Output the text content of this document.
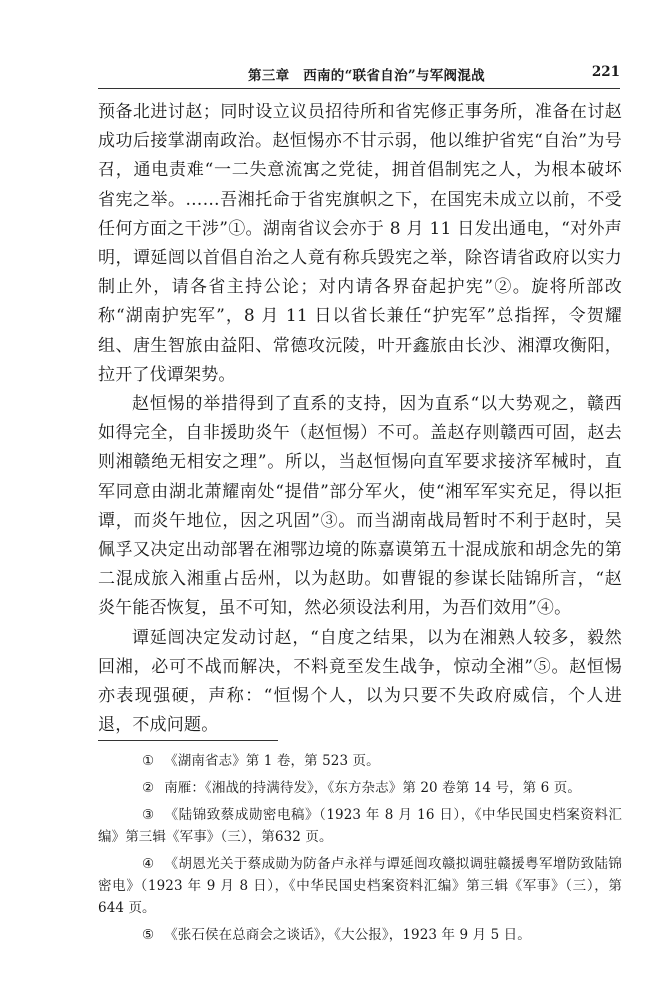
第三章　西南的“联省自治”与军阀混战	221

预备北进讨赵；同时设立议员招待所和省宪修正事务所，准备在讨赵成功后接掌湖南政治。赵恒惕亦不甘示弱，他以维护省宪“自治”为号召，通电责难“一二失意流寓之党徒，拥首倡制宪之人，为根本破坏省宪之举。……吾湘托命于省宪旗帜之下，在国宪未成立以前，不受任何方面之干涉”①。湖南省议会亦于 8 月 11 日发出通电，“对外声明，谭延闿以首倡自治之人竟有称兵毁宪之举，除咨请省政府以实力制止外，请各省主持公论；对内请各界奋起护宪”②。旋将所部改称“湖南护宪军”，8 月 11 日以省长兼任“护宪军”总指挥，令贺耀组、唐生智旅由益阳、常德攻沅陵，叶开鑫旅由长沙、湘潭攻衡阳，拉开了伐谭架势。

赵恒惕的举措得到了直系的支持，因为直系“以大势观之，赣西如得完全，自非援助炎午（赵恒惕）不可。盖赵存则赣西可固，赵去则湘赣绝无相安之理”。所以，当赵恒惕向直军要求接济军械时，直军同意由湖北萧耀南处“提借”部分军火，使“湘军军实充足，得以拒谭，而炎午地位，因之巩固”③。而当湖南战局暂时不利于赵时，吴佩孚又决定出动部署在湘鄂边境的陈嘉谟第五十混成旅和胡念先的第二混成旅入湘重占岳州，以为赵助。如曹锟的参谋长陆锦所言，“赵炎午能否恢复，虽不可知，然必须设法利用，为吾们效用”④。

谭延闿决定发动讨赵，“自度之结果，以为在湘熟人较多，毅然回湘，必可不战而解决，不料竟至发生战争，惊动全湘”⑤。赵恒惕亦表现强硬，声称：“恒惕个人，以为只要不失政府威信，个人进退，不成问题。

① 《湖南省志》第 1 卷，第 523 页。

② 南雁：《湘战的持满待发》，《东方杂志》第 20 卷第 14 号，第 6 页。

③ 《陆锦致蔡成勋密电稿》（1923 年 8 月 16 日），《中华民国史档案资料汇编》第三辑《军事》（三），第632 页。

④ 《胡恩光关于蔡成勋为防备卢永祥与谭延闿攻赣拟调驻赣援粤军增防致陆锦密电》（1923 年 9 月 8 日），《中华民国史档案资料汇编》第三辑《军事》（三），第 644 页。

⑤ 《张石侯在总商会之谈话》，《大公报》，1923 年 9 月 5 日。
